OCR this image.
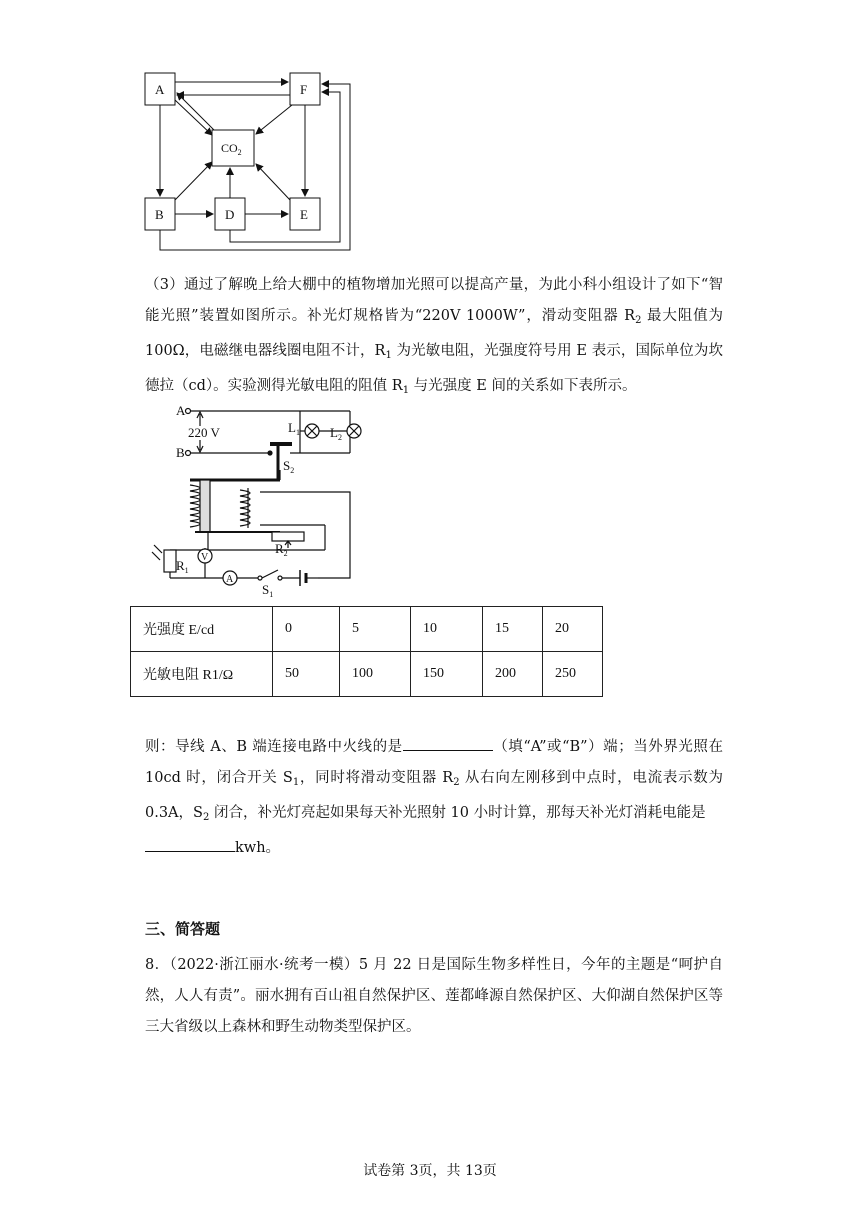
A	F
$CO_2$
B	D	E
（3）通过了解晚上给大棚中的植物增加光照可以提高产量，为此小科小组设计了如下“智能光照”装置如图所示。补光灯规格皆为“220V 1000W”，滑动变阻器 $R_2$ 最大阻值为100Ω，电磁继电器线圈电阻不计，$R_1$ 为光敏电阻，光强度符号用 E 表示，国际单位为坎德拉（cd）。实验测得光敏电阻的阻值 $R_1$ 与光强度 E 间的关系如下表所示。
A
B
220 V	$L_1$ $L_2$
$S_2$
$R_2$
$R_1$
$S_1$
V
A
光强度 E/cd	0	5	10	15	20
光敏电阻 R1/Ω	50	100	150	200	250
则：导线 A、B 端连接电路中火线的是	（填“A”或“B”）端；当外界光照在10cd 时，闭合开关 $S_1$，同时将滑动变阻器 $R_2$ 从右向左刚移到中点时，电流表示数为 0.3A，$S_2$ 闭合，补光灯亮起如果每天补光照射 10 小时计算，那每天补光灯消耗电能是
kwh。
三、简答题
8．（2022·浙江丽水·统考一模）5 月 22 日是国际生物多样性日，今年的主题是“呵护自然，人人有责”。丽水拥有百山祖自然保护区、莲都峰源自然保护区、大仰湖自然保护区等三大省级以上森林和野生动物类型保护区。
试卷第 3页，共 13页
